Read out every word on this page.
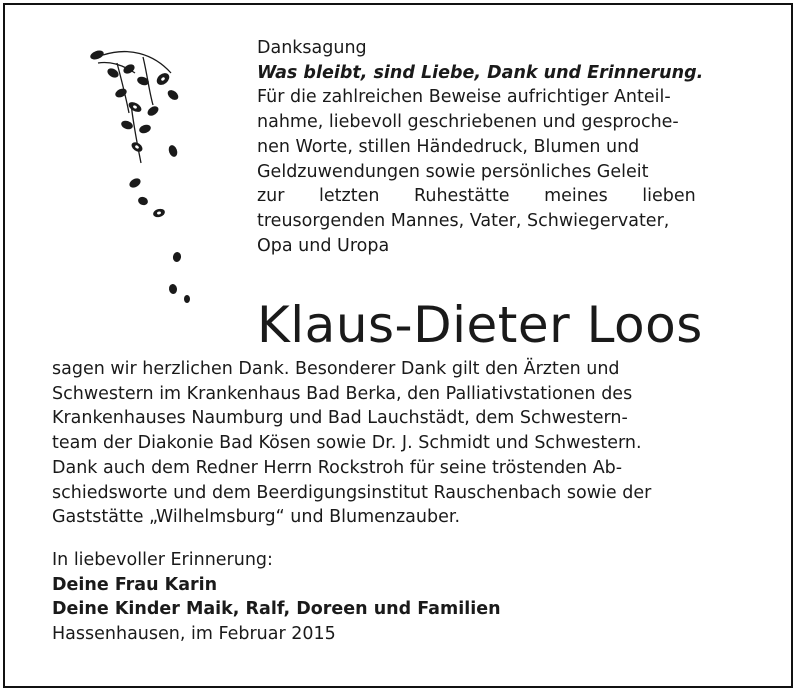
Danksagung
Was bleibt, sind Liebe, Dank und Erinnerung.
Für die zahlreichen Beweise aufrichtiger Anteil-
nahme, liebevoll geschriebenen und gesproche-
nen Worte, stillen Händedruck, Blumen und
Geldzuwendungen sowie persönliches Geleit
zur letzten Ruhestätte meines lieben
treusorgenden Mannes, Vater, Schwiegervater,
Opa und Uropa
Klaus-Dieter Loos
sagen wir herzlichen Dank. Besonderer Dank gilt den Ärzten und
Schwestern im Krankenhaus Bad Berka, den Palliativstationen des
Krankenhauses Naumburg und Bad Lauchstädt, dem Schwestern-
team der Diakonie Bad Kösen sowie Dr. J. Schmidt und Schwestern.
Dank auch dem Redner Herrn Rockstroh für seine tröstenden Ab-
schiedsworte und dem Beerdigungsinstitut Rauschenbach sowie der
Gaststätte „Wilhelmsburg“ und Blumenzauber.
In liebevoller Erinnerung:
Deine Frau Karin
Deine Kinder Maik, Ralf, Doreen und Familien
Hassenhausen, im Februar 2015
